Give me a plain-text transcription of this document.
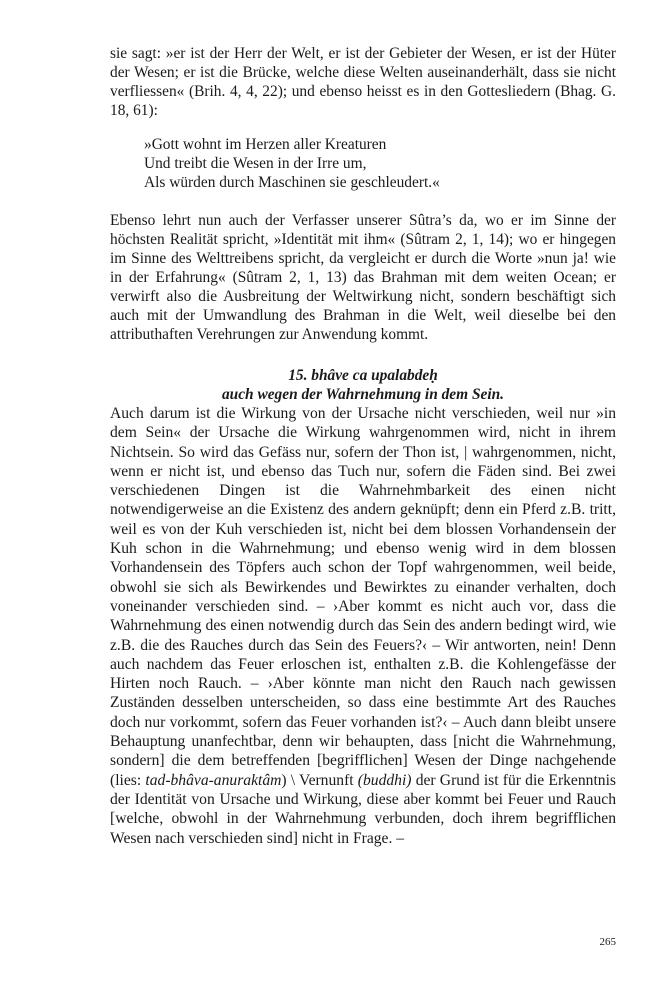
sie sagt: »er ist der Herr der Welt, er ist der Gebieter der Wesen, er ist der Hüter der Wesen; er ist die Brücke, welche diese Welten auseinanderhält, dass sie nicht verfliessen« (Brih. 4, 4, 22); und ebenso heisst es in den Gottesliedern (Bhag. G. 18, 61):

»Gott wohnt im Herzen aller Kreaturen
Und treibt die Wesen in der Irre um,
Als würden durch Maschinen sie geschleudert.«

Ebenso lehrt nun auch der Verfasser unserer Sûtra’s da, wo er im Sinne der höchsten Realität spricht, »Identität mit ihm« (Sûtram 2, 1, 14); wo er hingegen im Sinne des Welttreibens spricht, da vergleicht er durch die Worte »nun ja! wie in der Erfahrung« (Sûtram 2, 1, 13) das Brahman mit dem weiten Ocean; er verwirft also die Ausbreitung der Weltwirkung nicht, sondern beschäftigt sich auch mit der Umwandlung des Brahman in die Welt, weil dieselbe bei den attributhaften Verehrungen zur Anwendung kommt.

15. bhâve ca upalabdeḥ

auch wegen der Wahrnehmung in dem Sein.

Auch darum ist die Wirkung von der Ursache nicht verschieden, weil nur »in dem Sein« der Ursache die Wirkung wahrgenommen wird, nicht in ihrem Nichtsein. So wird das Gefäss nur, sofern der Thon ist, | wahrgenommen, nicht, wenn er nicht ist, und ebenso das Tuch nur, sofern die Fäden sind. Bei zwei verschiedenen Dingen ist die Wahrnehmbarkeit des einen nicht notwendigerweise an die Existenz des andern geknüpft; denn ein Pferd z.B. tritt, weil es von der Kuh verschieden ist, nicht bei dem blossen Vorhandensein der Kuh schon in die Wahrnehmung; und ebenso wenig wird in dem blossen Vorhandensein des Töpfers auch schon der Topf wahrgenommen, weil beide, obwohl sie sich als Bewirkendes und Bewirktes zu einander verhalten, doch voneinander verschieden sind. – ›Aber kommt es nicht auch vor, dass die Wahrnehmung des einen notwendig durch das Sein des andern bedingt wird, wie z.B. die des Rauches durch das Sein des Feuers?‹ – Wir antworten, nein! Denn auch nachdem das Feuer erloschen ist, enthalten z.B. die Kohlengefässe der Hirten noch Rauch. – ›Aber könnte man nicht den Rauch nach gewissen Zuständen desselben unterscheiden, so dass eine bestimmte Art des Rauches doch nur vorkommt, sofern das Feuer vorhanden ist?‹ – Auch dann bleibt unsere Behauptung unanfechtbar, denn wir behaupten, dass [nicht die Wahrnehmung, sondern] die dem betreffenden [begrifflichen] Wesen der Dinge nachgehende (lies: tad-bhâva-anuraktâm) \ Vernunft (buddhi) der Grund ist für die Erkenntnis der Identität von Ursache und Wirkung, diese aber kommt bei Feuer und Rauch [welche, obwohl in der Wahrnehmung verbunden, doch ihrem begrifflichen Wesen nach verschieden sind] nicht in Frage. –

265
